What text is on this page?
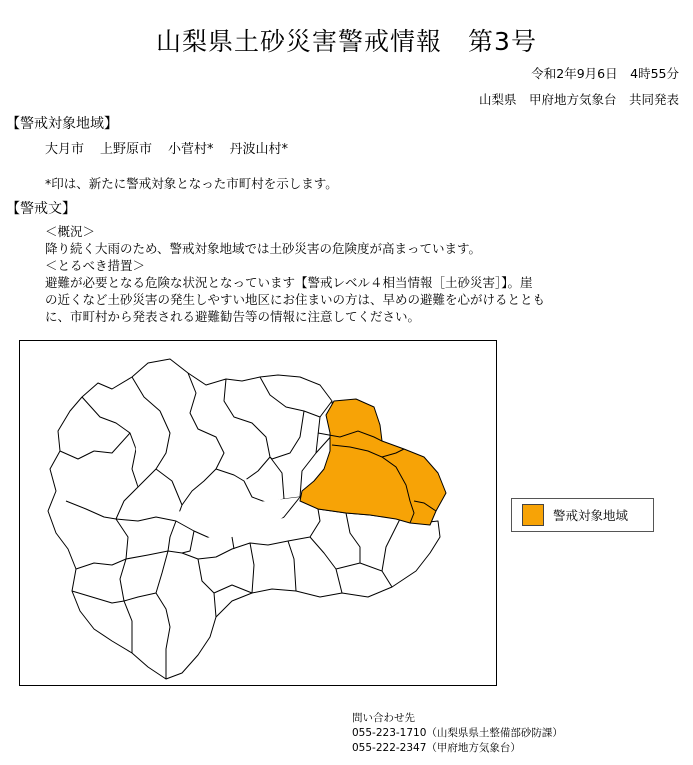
山梨県土砂災害警戒情報　第3号
令和2年9月6日　4時55分
山梨県　甲府地方気象台　共同発表
【警戒対象地域】
大月市 上野原市 小菅村* 丹波山村*
*印は、新たに警戒対象となった市町村を示します。
【警戒文】
＜概況＞
降り続く大雨のため、警戒対象地域では土砂災害の危険度が高まっています。
＜とるべき措置＞
避難が必要となる危険な状況となっています【警戒レベル４相当情報［土砂災害］】。崖
の近くなど土砂災害の発生しやすい地区にお住まいの方は、早めの避難を心がけるととも
に、市町村から発表される避難勧告等の情報に注意してください。
警戒対象地域
問い合わせ先
055-223-1710（山梨県県土整備部砂防課）
055-222-2347（甲府地方気象台）
